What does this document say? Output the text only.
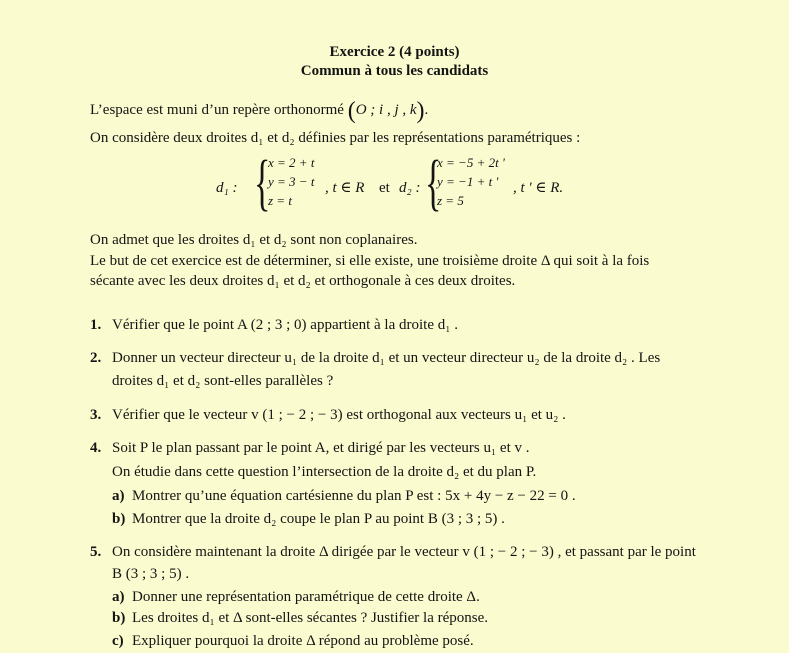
Exercice 2 (4 points)
Commun à tous les candidats
L’espace est muni d’un repère orthonormé (O ; i , j , k).
On considère deux droites d₁ et d₂ définies par les représentations paramétriques :
d₁ : {
x = 2 + t
y = 3 − t
z = t
, t ∈ R et d₂ : {
x = −5 + 2t '
y = −1 + t '
z = 5
, t ' ∈ R.
On admet que les droites d₁ et d₂ sont non coplanaires.
Le but de cet exercice est de déterminer, si elle existe, une troisième droite Δ qui soit à la fois
sécante avec les deux droites d₁ et d₂ et orthogonale à ces deux droites.
1. Vérifier que le point A (2 ; 3 ; 0) appartient à la droite d₁ .
2. Donner un vecteur directeur u₁ de la droite d₁ et un vecteur directeur u₂ de la droite d₂ . Les
droites d₁ et d₂ sont-elles parallèles ?
3. Vérifier que le vecteur v (1 ; − 2 ; − 3) est orthogonal aux vecteurs u₁ et u₂ .
4. Soit P le plan passant par le point A, et dirigé par les vecteurs u₁ et v .
On étudie dans cette question l’intersection de la droite d₂ et du plan P.
a) Montrer qu’une équation cartésienne du plan P est : 5x + 4y − z − 22 = 0 .
b) Montrer que la droite d₂ coupe le plan P au point B (3 ; 3 ; 5) .
5. On considère maintenant la droite Δ dirigée par le vecteur v (1 ; − 2 ; − 3) , et passant par le point
B (3 ; 3 ; 5) .
a) Donner une représentation paramétrique de cette droite Δ.
b) Les droites d₁ et Δ sont-elles sécantes ? Justifier la réponse.
c) Expliquer pourquoi la droite Δ répond au problème posé.
